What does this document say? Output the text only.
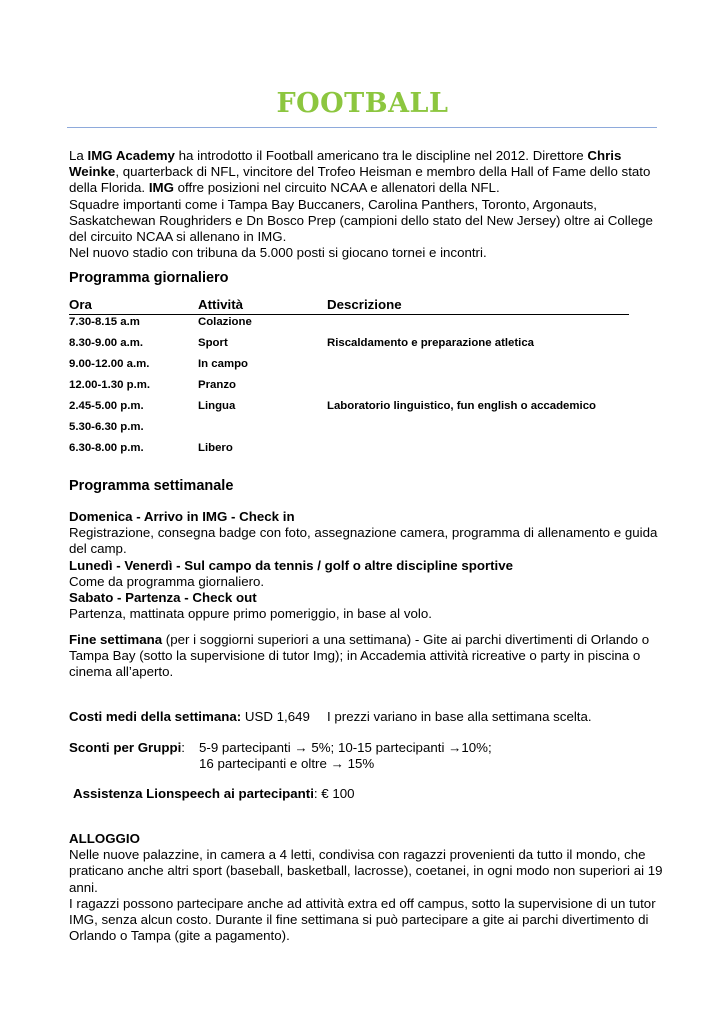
FOOTBALL
La IMG Academy ha introdotto il Football americano tra le discipline nel 2012. Direttore Chris Weinke, quarterback di NFL, vincitore del Trofeo Heisman e membro della Hall of Fame dello stato della Florida. IMG offre posizioni nel circuito NCAA e allenatori della NFL.
Squadre importanti come i Tampa Bay Buccaners, Carolina Panthers, Toronto, Argonauts, Saskatchewan Roughriders e Dn Bosco Prep (campioni dello stato del New Jersey) oltre ai College del circuito NCAA si allenano in IMG.
Nel nuovo stadio con tribuna da 5.000 posti si giocano tornei e incontri.
Programma giornaliero
Ora	Attività	Descrizione
7.30-8.15 a.m	Colazione
8.30-9.00 a.m.	Sport	Riscaldamento e preparazione atletica
9.00-12.00 a.m.	In campo
12.00-1.30 p.m.	Pranzo
2.45-5.00 p.m.	Lingua	Laboratorio linguistico, fun english o accademico
5.30-6.30 p.m.
6.30-8.00 p.m.	Libero
Programma settimanale
Domenica - Arrivo in IMG - Check in
Registrazione, consegna badge con foto, assegnazione camera, programma di allenamento e guida del camp.
Lunedì - Venerdì - Sul campo da tennis / golf o altre discipline sportive
Come da programma giornaliero.
Sabato - Partenza - Check out
Partenza, mattinata oppure primo pomeriggio, in base al volo.
Fine settimana (per i soggiorni superiori a una settimana) - Gite ai parchi divertimenti di Orlando o Tampa Bay (sotto la supervisione di tutor Img); in Accademia attività ricreative o party in piscina o cinema all’aperto.
Costi medi della settimana: USD 1,649 I prezzi variano in base alla settimana scelta.
Sconti per Gruppi: 5-9 partecipanti → 5%; 10-15 partecipanti →10%;
16 partecipanti e oltre → 15%
Assistenza Lionspeech ai partecipanti: € 100
ALLOGGIO
Nelle nuove palazzine, in camera a 4 letti, condivisa con ragazzi provenienti da tutto il mondo, che praticano anche altri sport (baseball, basketball, lacrosse), coetanei, in ogni modo non superiori ai 19 anni.
I ragazzi possono partecipare anche ad attività extra ed off campus, sotto la supervisione di un tutor IMG, senza alcun costo. Durante il fine settimana si può partecipare a gite ai parchi divertimento di Orlando o Tampa (gite a pagamento).
